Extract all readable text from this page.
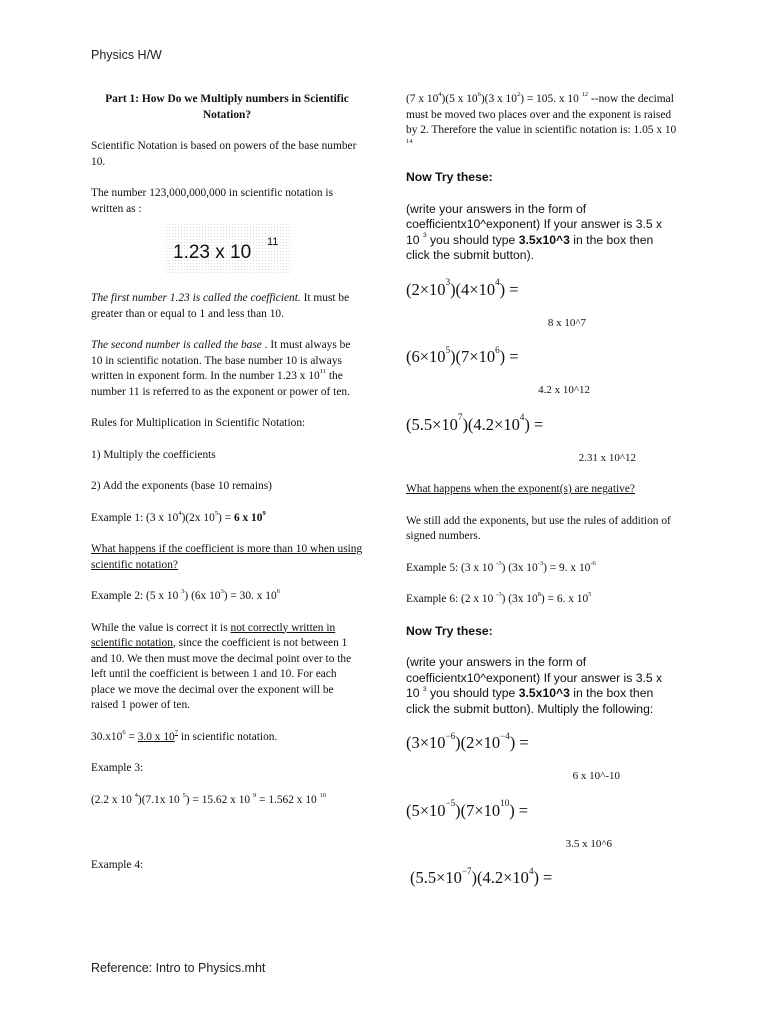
Physics H/W

Part 1: How Do we Multiply numbers in Scientific Notation?

Scientific Notation is based on powers of the base number 10.

The number 123,000,000,000 in scientific notation is written as :

1.23 x 10 11

The first number 1.23 is called the coefficient. It must be greater than or equal to 1 and less than 10.

The second number is called the base . It must always be 10 in scientific notation. The base number 10 is always written in exponent form. In the number 1.23 x $10^{11}$ the number 11 is referred to as the exponent or power of ten.

Rules for Multiplication in Scientific Notation:

1) Multiply the coefficients

2) Add the exponents (base 10 remains)

Example 1: (3 x $10^4)(2x$ $10^5) = 6$ x $10^9$

What happens if the coefficient is more than 10 when using scientific notation?

Example 2: (5 x 10 $^3$) (6x $10^3) = 30$. x $10^6$

While the value is correct it is not correctly written in scientific notation, since the coefficient is not between 1 and 10. We then must move the decimal point over to the left until the coefficient is between 1 and 10. For each place we move the decimal over the exponent will be raised 1 power of ten.

$30.x10^6 = 3.0$ x $10^7$ in scientific notation.

Example 3:

(2.2 x 10 $^4$)(7.1x 10 $^5$) = 15.62 x 10 $^9$ = 1.562 x 10 $^{10}$

Example 4:

(7 x $10^4)(5$ x $10^6)(3$ x $10^2) = 105$. x 10 $^{12}$ --now the decimal must be moved two places over and the exponent is raised by 2. Therefore the value in scientific notation is: 1.05 x 10 $^{14}$

Now Try these:

(write your answers in the form of coefficientx10^exponent) If your answer is 3.5 x 10 $^3$ you should type 3.5x10^3 in the box then click the submit button).

$(2\times 10^3)(4\times 10^4)$ =

8 x 10^7

$(6\times 10^5)(7\times 10^6)$ =

4.2 x 10^12

$(5.5\times 10^7)(4.2\times 10^4)$ =

2.31 x 10^12

What happens when the exponent(s) are negative?

We still add the exponents, but use the rules of addition of signed numbers.

Example 5: (3 x 10 $^{-3}$) (3x $10^{-3}) = 9$. x $10^{-6}$

Example 6: (2 x 10 $^{-3}$) (3x $10^8) = 6$. x $10^5$

Now Try these:

(write your answers in the form of coefficientx10^exponent) If your answer is 3.5 x 10 $^3$ you should type 3.5x10^3 in the box then click the submit button). Multiply the following:

$(3\times 10^{-6})(2\times 10^{-4})$ =

6 x 10^-10

$(5\times 10^{-5})(7\times 10^{10})$ =

3.5 x 10^6

$(5.5\times 10^{-7})(4.2\times 10^4)$ =

Reference: Intro to Physics.mht
